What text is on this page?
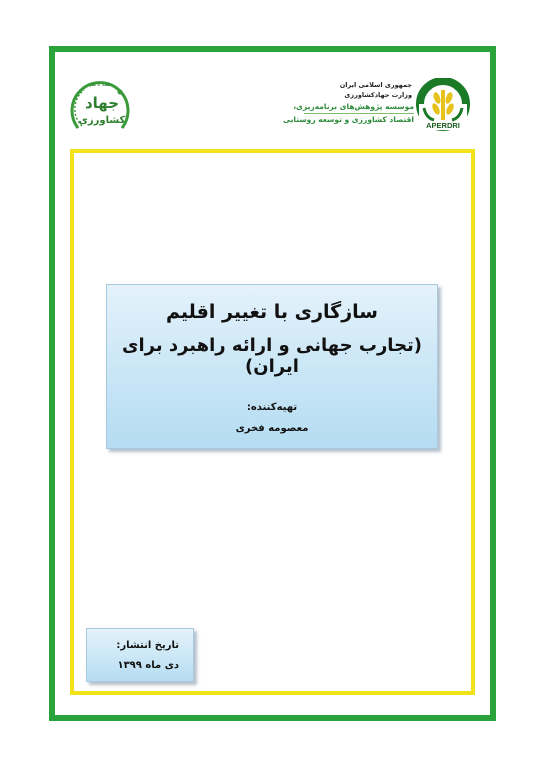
همه با هم
جهاد
کشاورزی
جمهوری اسلامی ایران
وزارت جهادکشاورزی
موسسه پژوهش‌های برنامه‌ریزی،
اقتصاد کشاورزی و توسعه روستایی
APERDRI
سازگاری با تغییر اقلیم
(تجارب جهانی و ارائه راهبرد برای ایران)
تهیه‌کننده:
معصومه فخری
تاریخ انتشار:
دی ماه ۱۳۹۹
